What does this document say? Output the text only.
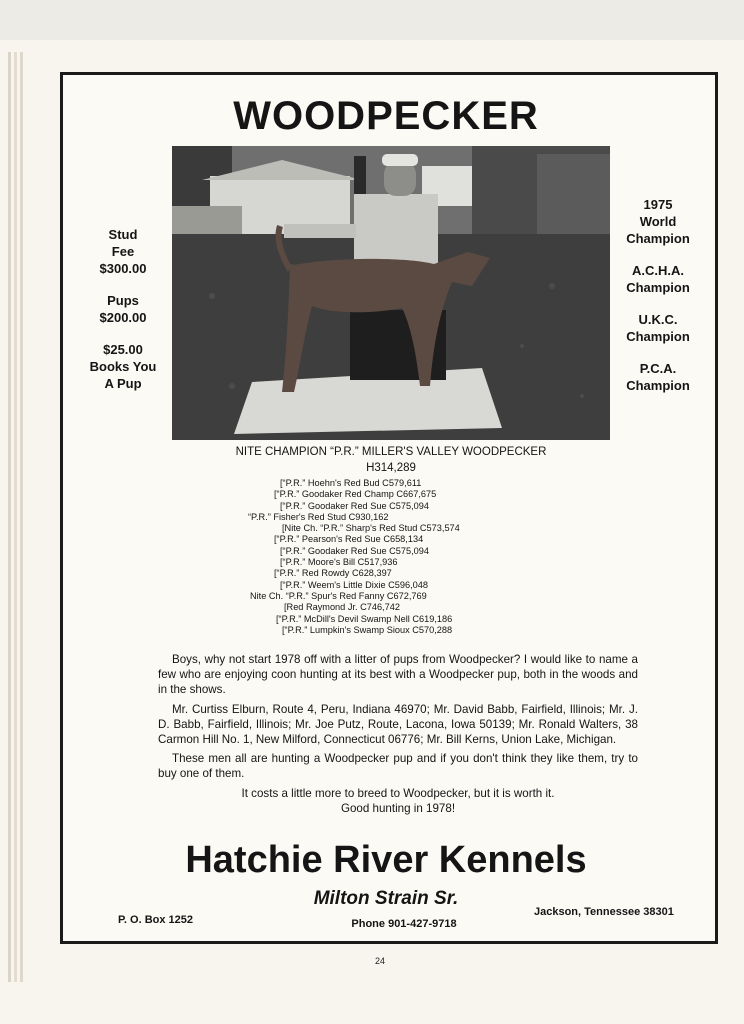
WOODPECKER

Stud
Fee
$300.00

Pups
$200.00

$25.00
Books You
A Pup

1975
World
Champion

A.C.H.A.
Champion

U.K.C.
Champion

P.C.A.
Champion

NITE CHAMPION “P.R.” MILLER'S VALLEY WOODPECKER
H314,289
[“P.R.” Hoehn's Red Bud C579,611
[“P.R.” Goodaker Red Champ C667,675
[“P.R.” Goodaker Red Sue C575,094
“P.R.” Fisher's Red Stud C930,162
[Nite Ch. “P.R.” Sharp's Red Stud C573,574
[“P.R.” Pearson's Red Sue C658,134
[“P.R.” Goodaker Red Sue C575,094
[“P.R.” Moore's Bill C517,936
[“P.R.” Red Rowdy C628,397
[“P.R.” Weem's Little Dixie C596,048
Nite Ch. “P.R.” Spur's Red Fanny C672,769
[Red Raymond Jr. C746,742
[“P.R.” McDill's Devil Swamp Nell C619,186
[“P.R.” Lumpkin's Swamp Sioux C570,288

Boys, why not start 1978 off with a litter of pups from Woodpecker? I would like to name a few who are enjoying coon hunting at its best with a Woodpecker pup, both in the woods and in the shows.

Mr. Curtiss Elburn, Route 4, Peru, Indiana 46970; Mr. David Babb, Fairfield, Illinois; Mr. J. D. Babb, Fairfield, Illinois; Mr. Joe Putz, Route, Lacona, Iowa 50139; Mr. Ronald Walters, 38 Carmon Hill No. 1, New Milford, Connecticut 06776; Mr. Bill Kerns, Union Lake, Michigan.

These men all are hunting a Woodpecker pup and if you don't think they like them, try to buy one of them.

It costs a little more to breed to Woodpecker, but it is worth it.

Good hunting in 1978!

Hatchie River Kennels
Milton Strain Sr.
P. O. Box 1252	Phone 901-427-9718
Jackson, Tennessee 38301
24
